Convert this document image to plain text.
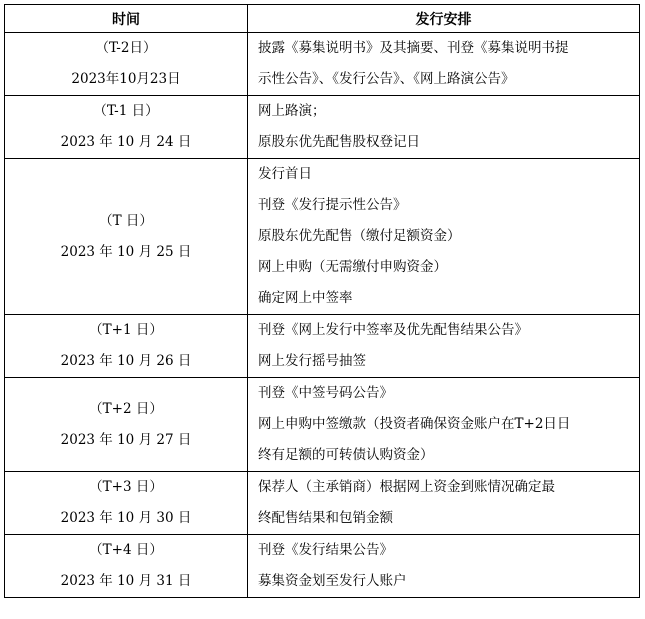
时间	发行安排

（T-2日）
2023年10月23日	披露《募集说明书》及其摘要、刊登《募集说明书提
示性公告》、《发行公告》、《网上路演公告》

（T-1 日）
2023 年 10 月 24 日	网上路演；
原股东优先配售股权登记日

（T 日）
2023 年 10 月 25 日	发行首日
刊登《发行提示性公告》
原股东优先配售（缴付足额资金）
网上申购（无需缴付申购资金）
确定网上中签率

（T+1 日）
2023 年 10 月 26 日	刊登《网上发行中签率及优先配售结果公告》
网上发行摇号抽签

（T+2 日）
2023 年 10 月 27 日	刊登《中签号码公告》
网上申购中签缴款（投资者确保资金账户在T+2日日
终有足额的可转债认购资金）

（T+3 日）
2023 年 10 月 30 日	保荐人（主承销商）根据网上资金到账情况确定最
终配售结果和包销金额

（T+4 日）
2023 年 10 月 31 日	刊登《发行结果公告》
募集资金划至发行人账户
